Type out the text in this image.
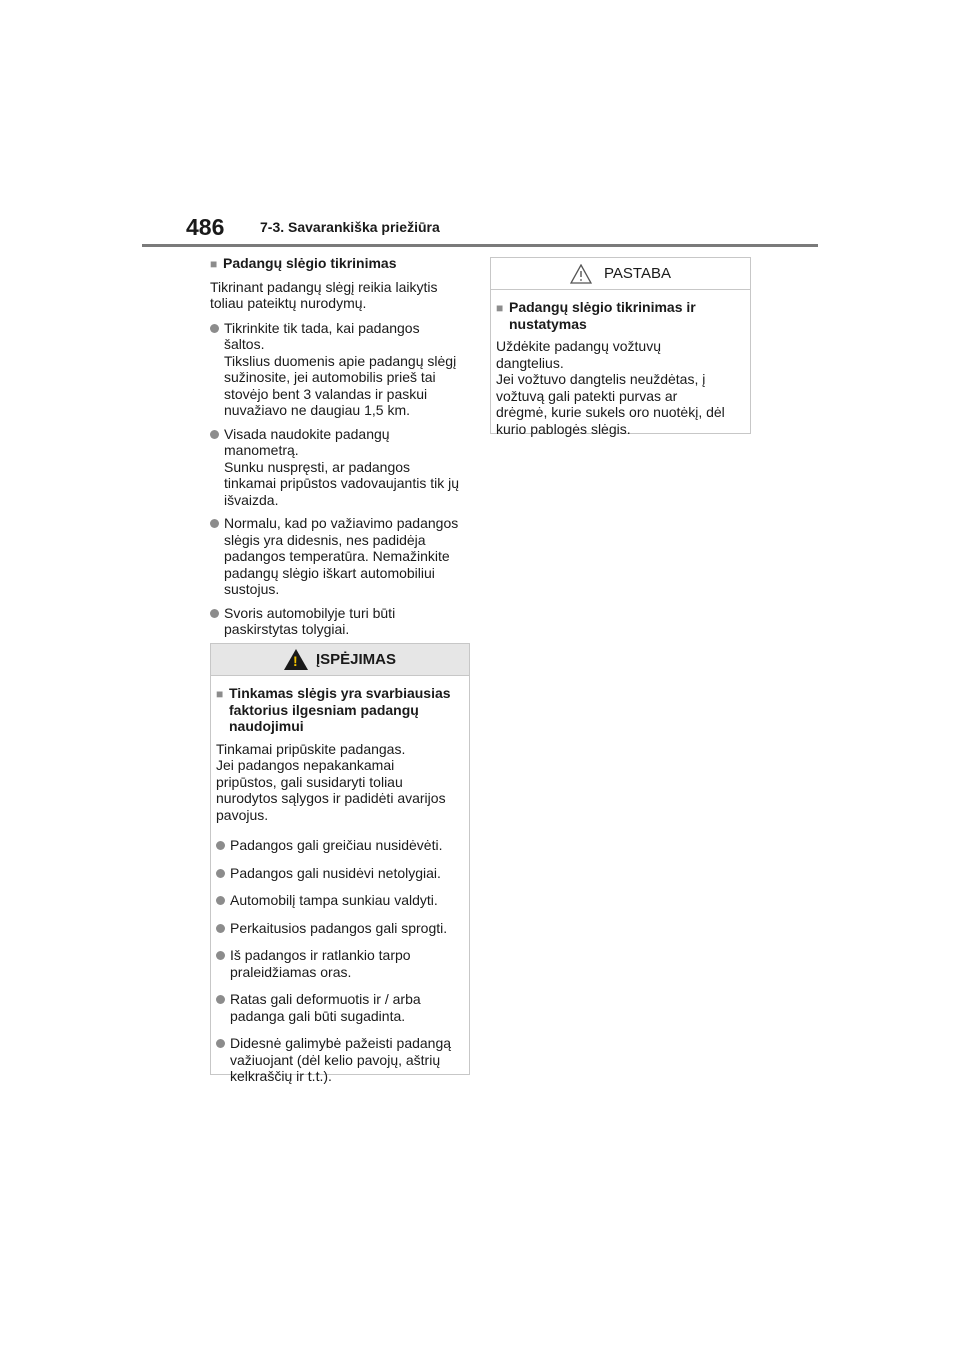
486	7-3. Savarankiška priežiūra
■ Padangų slėgio tikrinimas
Tikrinant padangų slėgį reikia laikytis
toliau pateiktų nurodymų.
Tikrinkite tik tada, kai padangos
šaltos.
Tikslius duomenis apie padangų slėgį
sužinosite, jei automobilis prieš tai
stovėjo bent 3 valandas ir paskui
nuvažiavo ne daugiau 1,5 km.
Visada naudokite padangų
manometrą.
Sunku nuspręsti, ar padangos
tinkamai pripūstos vadovaujantis tik jų
išvaizda.
Normalu, kad po važiavimo padangos
slėgis yra didesnis, nes padidėja
padangos temperatūra. Nemažinkite
padangų slėgio iškart automobiliui
sustojus.
Svoris automobilyje turi būti
paskirstytas tolygiai.
!
ĮSPĖJIMAS
■ Tinkamas slėgis yra svarbiausias
faktorius ilgesniam padangų
naudojimui
Tinkamai pripūskite padangas.
Jei padangos nepakankamai
pripūstos, gali susidaryti toliau
nurodytos sąlygos ir padidėti avarijos
pavojus.
Padangos gali greičiau nusidėvėti.
Padangos gali nusidėvi netolygiai.
Automobilį tampa sunkiau valdyti.
Perkaitusios padangos gali sprogti.
Iš padangos ir ratlankio tarpo
praleidžiamas oras.
Ratas gali deformuotis ir / arba
padanga gali būti sugadinta.
Didesnė galimybė pažeisti padangą
važiuojant (dėl kelio pavojų, aštrių
kelkraščių ir t.t.).
PASTABA
■ Padangų slėgio tikrinimas ir
nustatymas
Uždėkite padangų vožtuvų
dangtelius.
Jei vožtuvo dangtelis neuždėtas, į
vožtuvą gali patekti purvas ar
drėgmė, kurie sukels oro nuotėkį, dėl
kurio pablogės slėgis.
